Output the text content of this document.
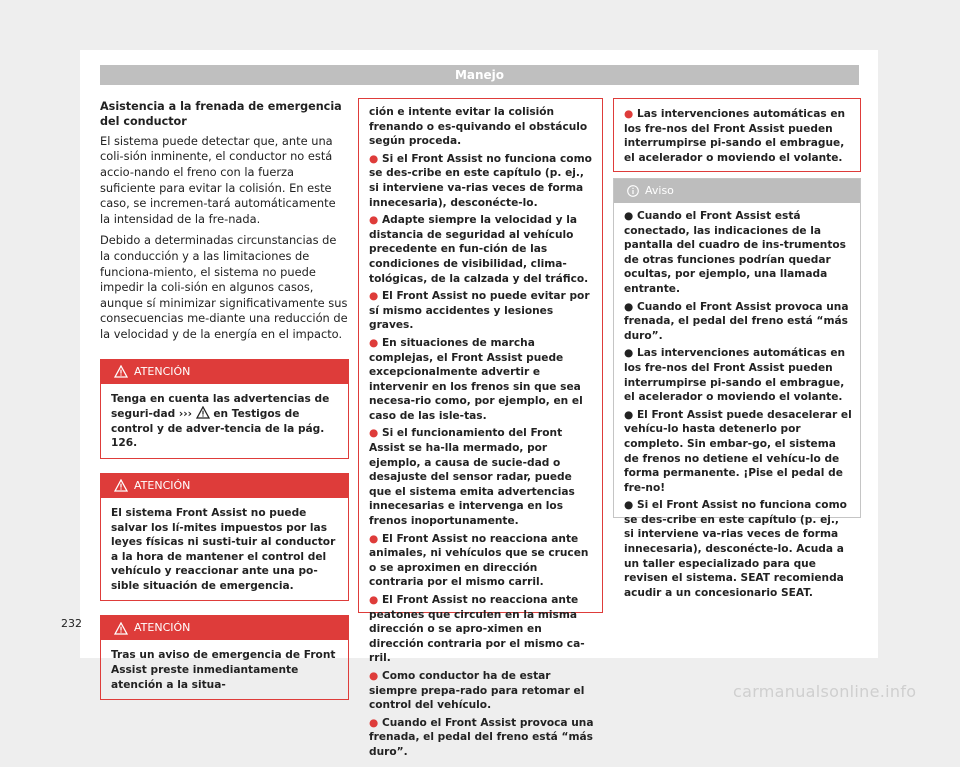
Manejo

Asistencia a la frenada de emergencia del conductor

El sistema puede detectar que, ante una coli-sión inminente, el conductor no está accio-nando el freno con la fuerza suficiente para evitar la colisión. En este caso, se incremen-tará automáticamente la intensidad de la fre-nada.

Debido a determinadas circunstancias de la conducción y a las limitaciones de funciona-miento, el sistema no puede impedir la coli-sión en algunos casos, aunque sí minimizar significativamente sus consecuencias me-diante una reducción de la velocidad y de la energía en el impacto.

ATENCIÓN
Tenga en cuenta las advertencias de seguri-dad ›››  en Testigos de control y de adver-tencia de la pág. 126.
ATENCIÓN
El sistema Front Assist no puede salvar los lí-mites impuestos por las leyes físicas ni susti-tuir al conductor a la hora de mantener el control del vehículo y reaccionar ante una po-sible situación de emergencia.
ATENCIÓN
Tras un aviso de emergencia de Front Assist preste inmediantamente atención a la situa-

ción e intente evitar la colisión frenando o es-quivando el obstáculo según proceda.

● Si el Front Assist no funciona como se des-cribe en este capítulo (p. ej., si interviene va-rias veces de forma innecesaria), desconécte-lo.

● Adapte siempre la velocidad y la distancia de seguridad al vehículo precedente en fun-ción de las condiciones de visibilidad, clima-tológicas, de la calzada y del tráfico.

● El Front Assist no puede evitar por sí mismo accidentes y lesiones graves.

● En situaciones de marcha complejas, el Front Assist puede excepcionalmente advertir e intervenir en los frenos sin que sea necesa-rio como, por ejemplo, en el caso de las isle-tas.

● Si el funcionamiento del Front Assist se ha-lla mermado, por ejemplo, a causa de sucie-dad o desajuste del sensor radar, puede que el sistema emita advertencias innecesarias e intervenga en los frenos inoportunamente.

● El Front Assist no reacciona ante animales, ni vehículos que se crucen o se aproximen en dirección contraria por el mismo carril.

● El Front Assist no reacciona ante peatones que circulen en la misma dirección o se apro-ximen en dirección contraria por el mismo ca-rril.

● Como conductor ha de estar siempre prepa-rado para retomar el control del vehículo.

● Cuando el Front Assist provoca una frenada, el pedal del freno está “más duro”.

● Las intervenciones automáticas en los fre-nos del Front Assist pueden interrumpirse pi-sando el embrague, el acelerador o moviendo el volante.

Aviso

● Cuando el Front Assist está conectado, las indicaciones de la pantalla del cuadro de ins-trumentos de otras funciones podrían quedar ocultas, por ejemplo, una llamada entrante.

● Cuando el Front Assist provoca una frenada, el pedal del freno está “más duro”.

● Las intervenciones automáticas en los fre-nos del Front Assist pueden interrumpirse pi-sando el embrague, el acelerador o moviendo el volante.

● El Front Assist puede desacelerar el vehícu-lo hasta detenerlo por completo. Sin embar-go, el sistema de frenos no detiene el vehícu-lo de forma permanente. ¡Pise el pedal de fre-no!

● Si el Front Assist no funciona como se des-cribe en este capítulo (p. ej., si interviene va-rias veces de forma innecesaria), desconécte-lo. Acuda a un taller especializado para que revisen el sistema. SEAT recomienda acudir a un concesionario SEAT.

232
carmanualsonline.info
